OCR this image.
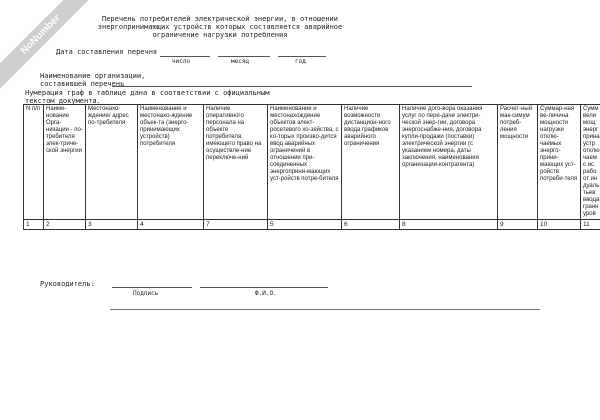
NoNumber	Перечень потребителей электрической энергии, в отношении
энергопринимающих устройств которых составляется аварийное
ограничение нагрузки потребления
Дата составления перечня
число	месяц	год
Наименование организации,
составившей перечень
Нумерация граф в таблице дана в соответствии с официальным
текстом документа.
N п/п	Наиме-нование Орга-низации - по-требителя элек-триче-ской энергии	Местонахо-ждение/ адрес по-требителя	Наименование и местонахо-ждение объек-та (энерго-принимающих устройств) потребителя	Наличие оперативного персонала на объекте потребителя, имеющего право на осуществле-ние переключе-ний	Наименование и местонахождение объектов элект-росетевого хо-зяйства, с ко-торых произво-дится ввод аварийных ограничений в отношении при-соединенных энергоприни-мающих уст-ройств потре-бителя	Наличие возможности дистанцион-ного ввода графиков аварийного ограничения	Наличие дого-вора оказания услуг по пере-даче электри-ческой энер-гии, договора энергоснабже-ния, договора купли-продажи (поставки) электрической энергии (с указанием номера, даты заключения, наименования организации-контрагента)	Расчет-ный мак-симум потреб-ления мощности	Суммар-ная ве-личина мощности нагрузки отклю-чаемых энерго-прини-мающих уст-ройств потреби-теля	Сумм вели мощ энерг прина устр отклю чаем с ис рабо от ин дуаль тьев ввода гранн уров
1	2	3	4	7	5	6	8	9	10	11
Руководитель:
Подпись	Ф.И.О.
